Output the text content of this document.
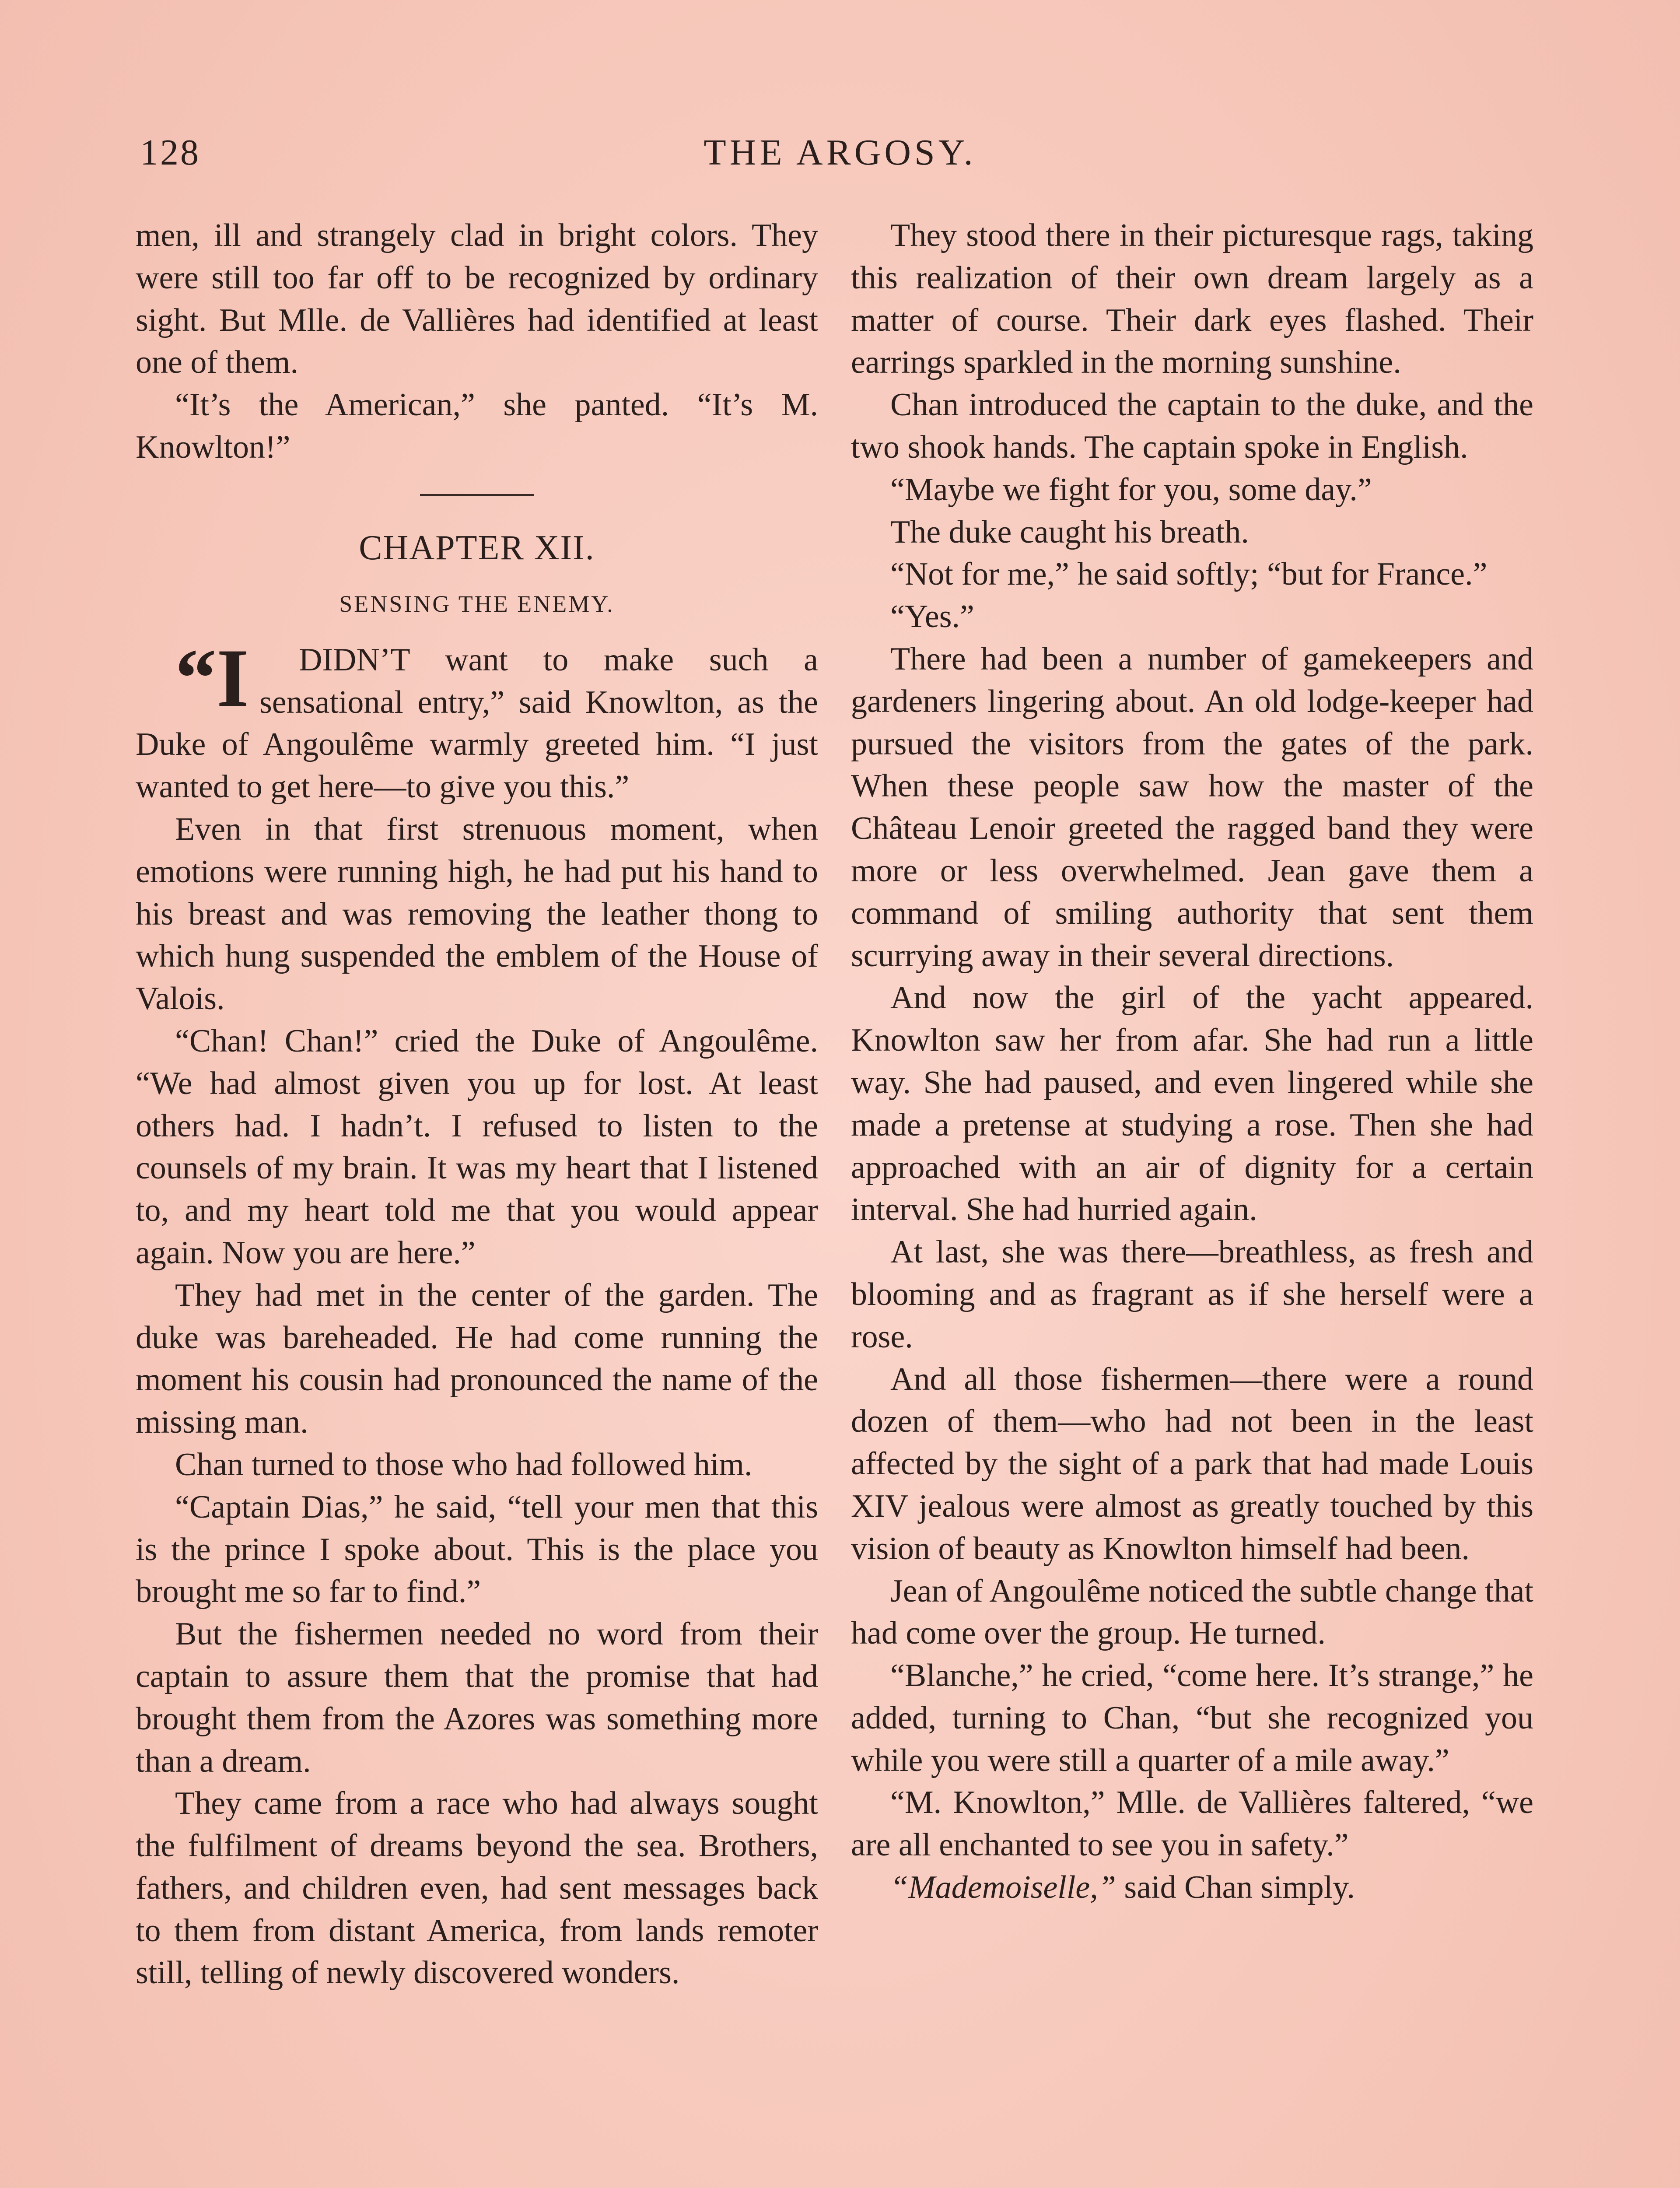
128	THE ARGOSY.

men, ill and strangely clad in bright colors. They were still too far off to be recognized by ordinary sight. But Mlle. de Vallières had identified at least one of them.

“It’s the American,” she panted. “It’s M. Knowlton!”

CHAPTER XII.
SENSING THE ENEMY.

“I DIDN’T want to make such a sensational entry,” said Knowlton, as the Duke of Angoulême warmly greeted him. “I just wanted to get here—to give you this.”

Even in that first strenuous moment, when emotions were running high, he had put his hand to his breast and was removing the leather thong to which hung suspended the emblem of the House of Valois.

“Chan! Chan!” cried the Duke of Angoulême. “We had almost given you up for lost. At least others had. I hadn’t. I refused to listen to the counsels of my brain. It was my heart that I listened to, and my heart told me that you would appear again. Now you are here.”

They had met in the center of the garden. The duke was bareheaded. He had come running the moment his cousin had pronounced the name of the missing man.

Chan turned to those who had followed him.

“Captain Dias,” he said, “tell your men that this is the prince I spoke about. This is the place you brought me so far to find.”

But the fishermen needed no word from their captain to assure them that the promise that had brought them from the Azores was something more than a dream.

They came from a race who had always sought the fulfilment of dreams beyond the sea. Brothers, fathers, and children even, had sent messages back to them from distant America, from lands remoter still, telling of newly discovered wonders.

They stood there in their picturesque rags, taking this realization of their own dream largely as a matter of course. Their dark eyes flashed. Their earrings sparkled in the morning sunshine.

Chan introduced the captain to the duke, and the two shook hands. The captain spoke in English.

“Maybe we fight for you, some day.”

The duke caught his breath.

“Not for me,” he said softly; “but for France.”

“Yes.”

There had been a number of gamekeepers and gardeners lingering about. An old lodge-keeper had pursued the visitors from the gates of the park. When these people saw how the master of the Château Lenoir greeted the ragged band they were more or less overwhelmed. Jean gave them a command of smiling authority that sent them scurrying away in their several directions.

And now the girl of the yacht appeared. Knowlton saw her from afar. She had run a little way. She had paused, and even lingered while she made a pretense at studying a rose. Then she had approached with an air of dignity for a certain interval. She had hurried again.

At last, she was there—breathless, as fresh and blooming and as fragrant as if she herself were a rose.

And all those fishermen—there were a round dozen of them—who had not been in the least affected by the sight of a park that had made Louis XIV jealous were almost as greatly touched by this vision of beauty as Knowlton himself had been.

Jean of Angoulême noticed the subtle change that had come over the group. He turned.

“Blanche,” he cried, “come here. It’s strange,” he added, turning to Chan, “but she recognized you while you were still a quarter of a mile away.”

“M. Knowlton,” Mlle. de Vallières faltered, “we are all enchanted to see you in safety.”

“Mademoiselle,” said Chan simply.
